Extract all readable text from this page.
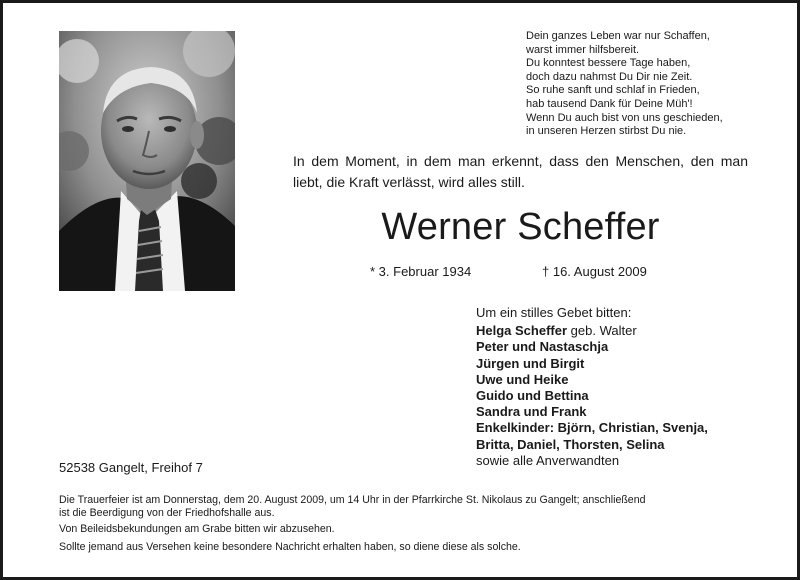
Dein ganzes Leben war nur Schaffen,
warst immer hilfsbereit.
Du konntest bessere Tage haben,
doch dazu nahmst Du Dir nie Zeit.
So ruhe sanft und schlaf in Frieden,
hab tausend Dank für Deine Müh'!
Wenn Du auch bist von uns geschieden,
in unseren Herzen stirbst Du nie.
In dem Moment, in dem man erkennt, dass den Menschen, den man liebt, die Kraft verlässt, wird alles still.
Werner Scheffer
* 3. Februar 1934	† 16. August 2009
Um ein stilles Gebet bitten:
Helga Scheffer geb. Walter
Peter und Nastaschja
Jürgen und Birgit
Uwe und Heike
Guido und Bettina
Sandra und Frank
Enkelkinder: Björn, Christian, Svenja,
Britta, Daniel, Thorsten, Selina
sowie alle Anverwandten
52538 Gangelt, Freihof 7

Die Trauerfeier ist am Donnerstag, dem 20. August 2009, um 14 Uhr in der Pfarrkirche St. Nikolaus zu Gangelt; anschließend
ist die Beerdigung von der Friedhofshalle aus.

Von Beileidsbekundungen am Grabe bitten wir abzusehen.

Sollte jemand aus Versehen keine besondere Nachricht erhalten haben, so diene diese als solche.
